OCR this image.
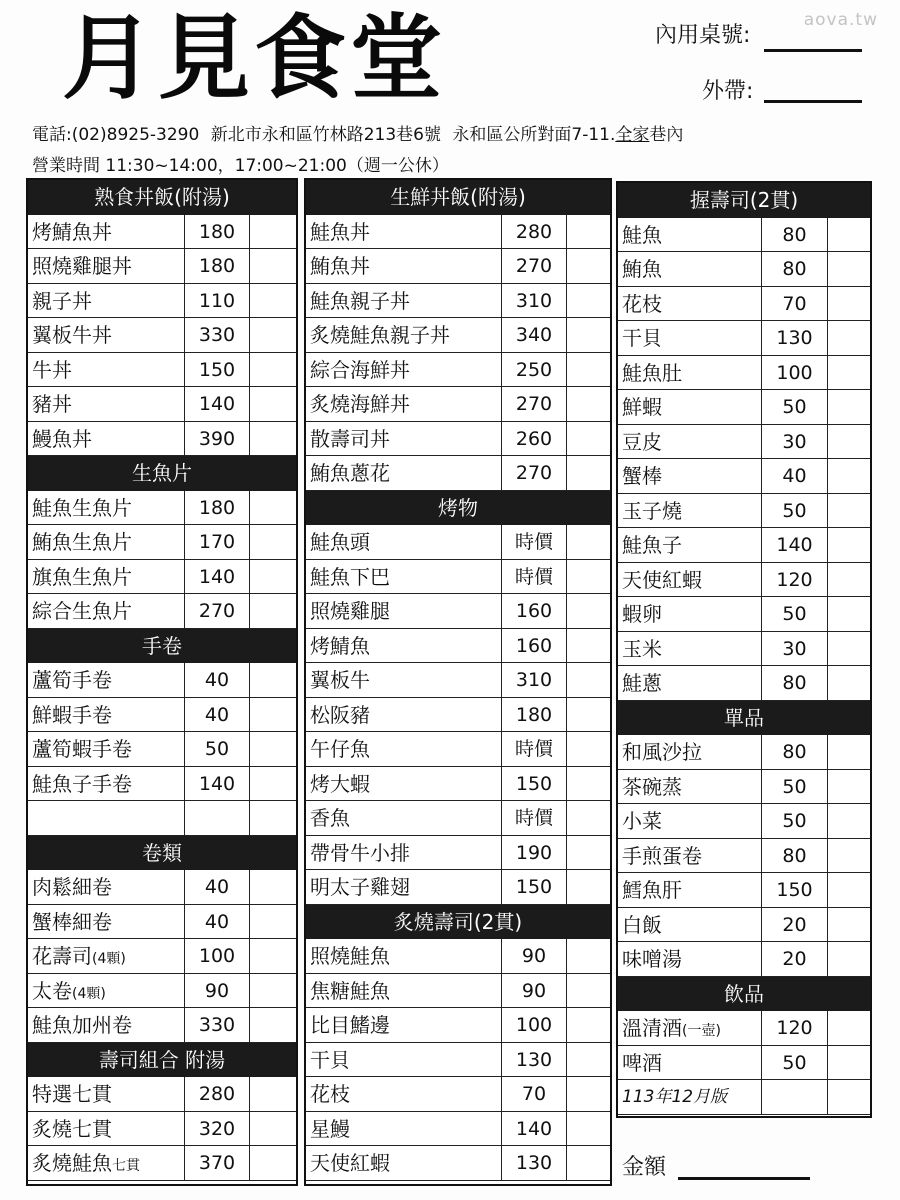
月見食堂	aova.tw
內用桌號:
外帶:
電話:(02)8925-3290 新北市永和區竹林路213巷6號 永和區公所對面7-11.全家巷內
營業時間 11:30~14:00，17:00~21:00（週一公休）
熟食丼飯(附湯)
烤鯖魚丼	180
照燒雞腿丼	180
親子丼	110
翼板牛丼	330
牛丼	150
豬丼	140
鰻魚丼	390
生魚片
鮭魚生魚片	180
鮪魚生魚片	170
旗魚生魚片	140
綜合生魚片	270
手卷
蘆筍手卷	40
鮮蝦手卷	40
蘆筍蝦手卷	50
鮭魚子手卷	140
卷類
肉鬆細卷	40
蟹棒細卷	40
花壽司(4顆)	100
太卷(4顆)	90
鮭魚加州卷	330
壽司組合 附湯
特選七貫	280
炙燒七貫	320
炙燒鮭魚七貫	370
生鮮丼飯(附湯)
鮭魚丼	280
鮪魚丼	270
鮭魚親子丼	310
炙燒鮭魚親子丼	340
綜合海鮮丼	250
炙燒海鮮丼	270
散壽司丼	260
鮪魚蔥花	270
烤物
鮭魚頭	時價
鮭魚下巴	時價
照燒雞腿	160
烤鯖魚	160
翼板牛	310
松阪豬	180
午仔魚	時價
烤大蝦	150
香魚	時價
帶骨牛小排	190
明太子雞翅	150
炙燒壽司(2貫)
照燒鮭魚	90
焦糖鮭魚	90
比目鰭邊	100
干貝	130
花枝	70
星鰻	140
天使紅蝦	130
握壽司(2貫)
鮭魚	80
鮪魚	80
花枝	70
干貝	130
鮭魚肚	100
鮮蝦	50
豆皮	30
蟹棒	40
玉子燒	50
鮭魚子	140
天使紅蝦	120
蝦卵	50
玉米	30
鮭蔥	80
單品
和風沙拉	80
茶碗蒸	50
小菜	50
手煎蛋卷	80
鱈魚肝	150
白飯	20
味噌湯	20
飲品
溫清酒(一壺)	120
啤酒	50
113年12月版
金額
